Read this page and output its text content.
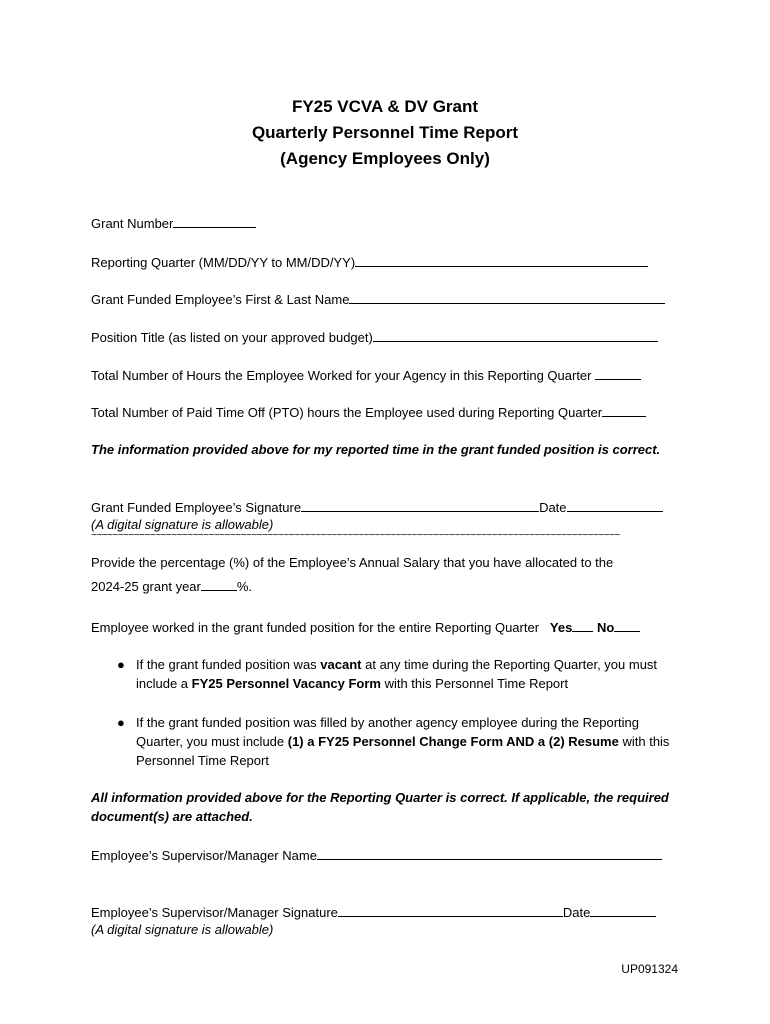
FY25 VCVA & DV Grant
Quarterly Personnel Time Report
(Agency Employees Only)
Grant Number
Reporting Quarter (MM/DD/YY to MM/DD/YY)
Grant Funded Employee’s First & Last Name
Position Title (as listed on your approved budget)
Total Number of Hours the Employee Worked for your Agency in this Reporting Quarter
Total Number of Paid Time Off (PTO) hours the Employee used during Reporting Quarter
The information provided above for my reported time in the grant funded position is correct.
Grant Funded Employee’s Signature	Date
(A digital signature is allowable)
~~~~~~~~~~~~~~~~~~~~~~~~~~~~~~~~~~~~~~~~~~~~~~~~~~~~~~~~~~~~~~~~~~~~~~~~~~~~~~~~~~~~~~~~~~~~~~~~~~~
Provide the percentage (%) of the Employee’s Annual Salary that you have allocated to the
2024-25 grant year	%.
Employee worked in the grant funded position for the entire Reporting Quarter Yes No
● If the grant funded position was vacant at any time during the Reporting Quarter, you must include a FY25 Personnel Vacancy Form with this Personnel Time Report
● If the grant funded position was filled by another agency employee during the Reporting Quarter, you must include (1) a FY25 Personnel Change Form AND a (2) Resume with this Personnel Time Report
All information provided above for the Reporting Quarter is correct. If applicable, the required
document(s) are attached.
Employee’s Supervisor/Manager Name
Employee’s Supervisor/Manager Signature	Date
(A digital signature is allowable)
UP091324
